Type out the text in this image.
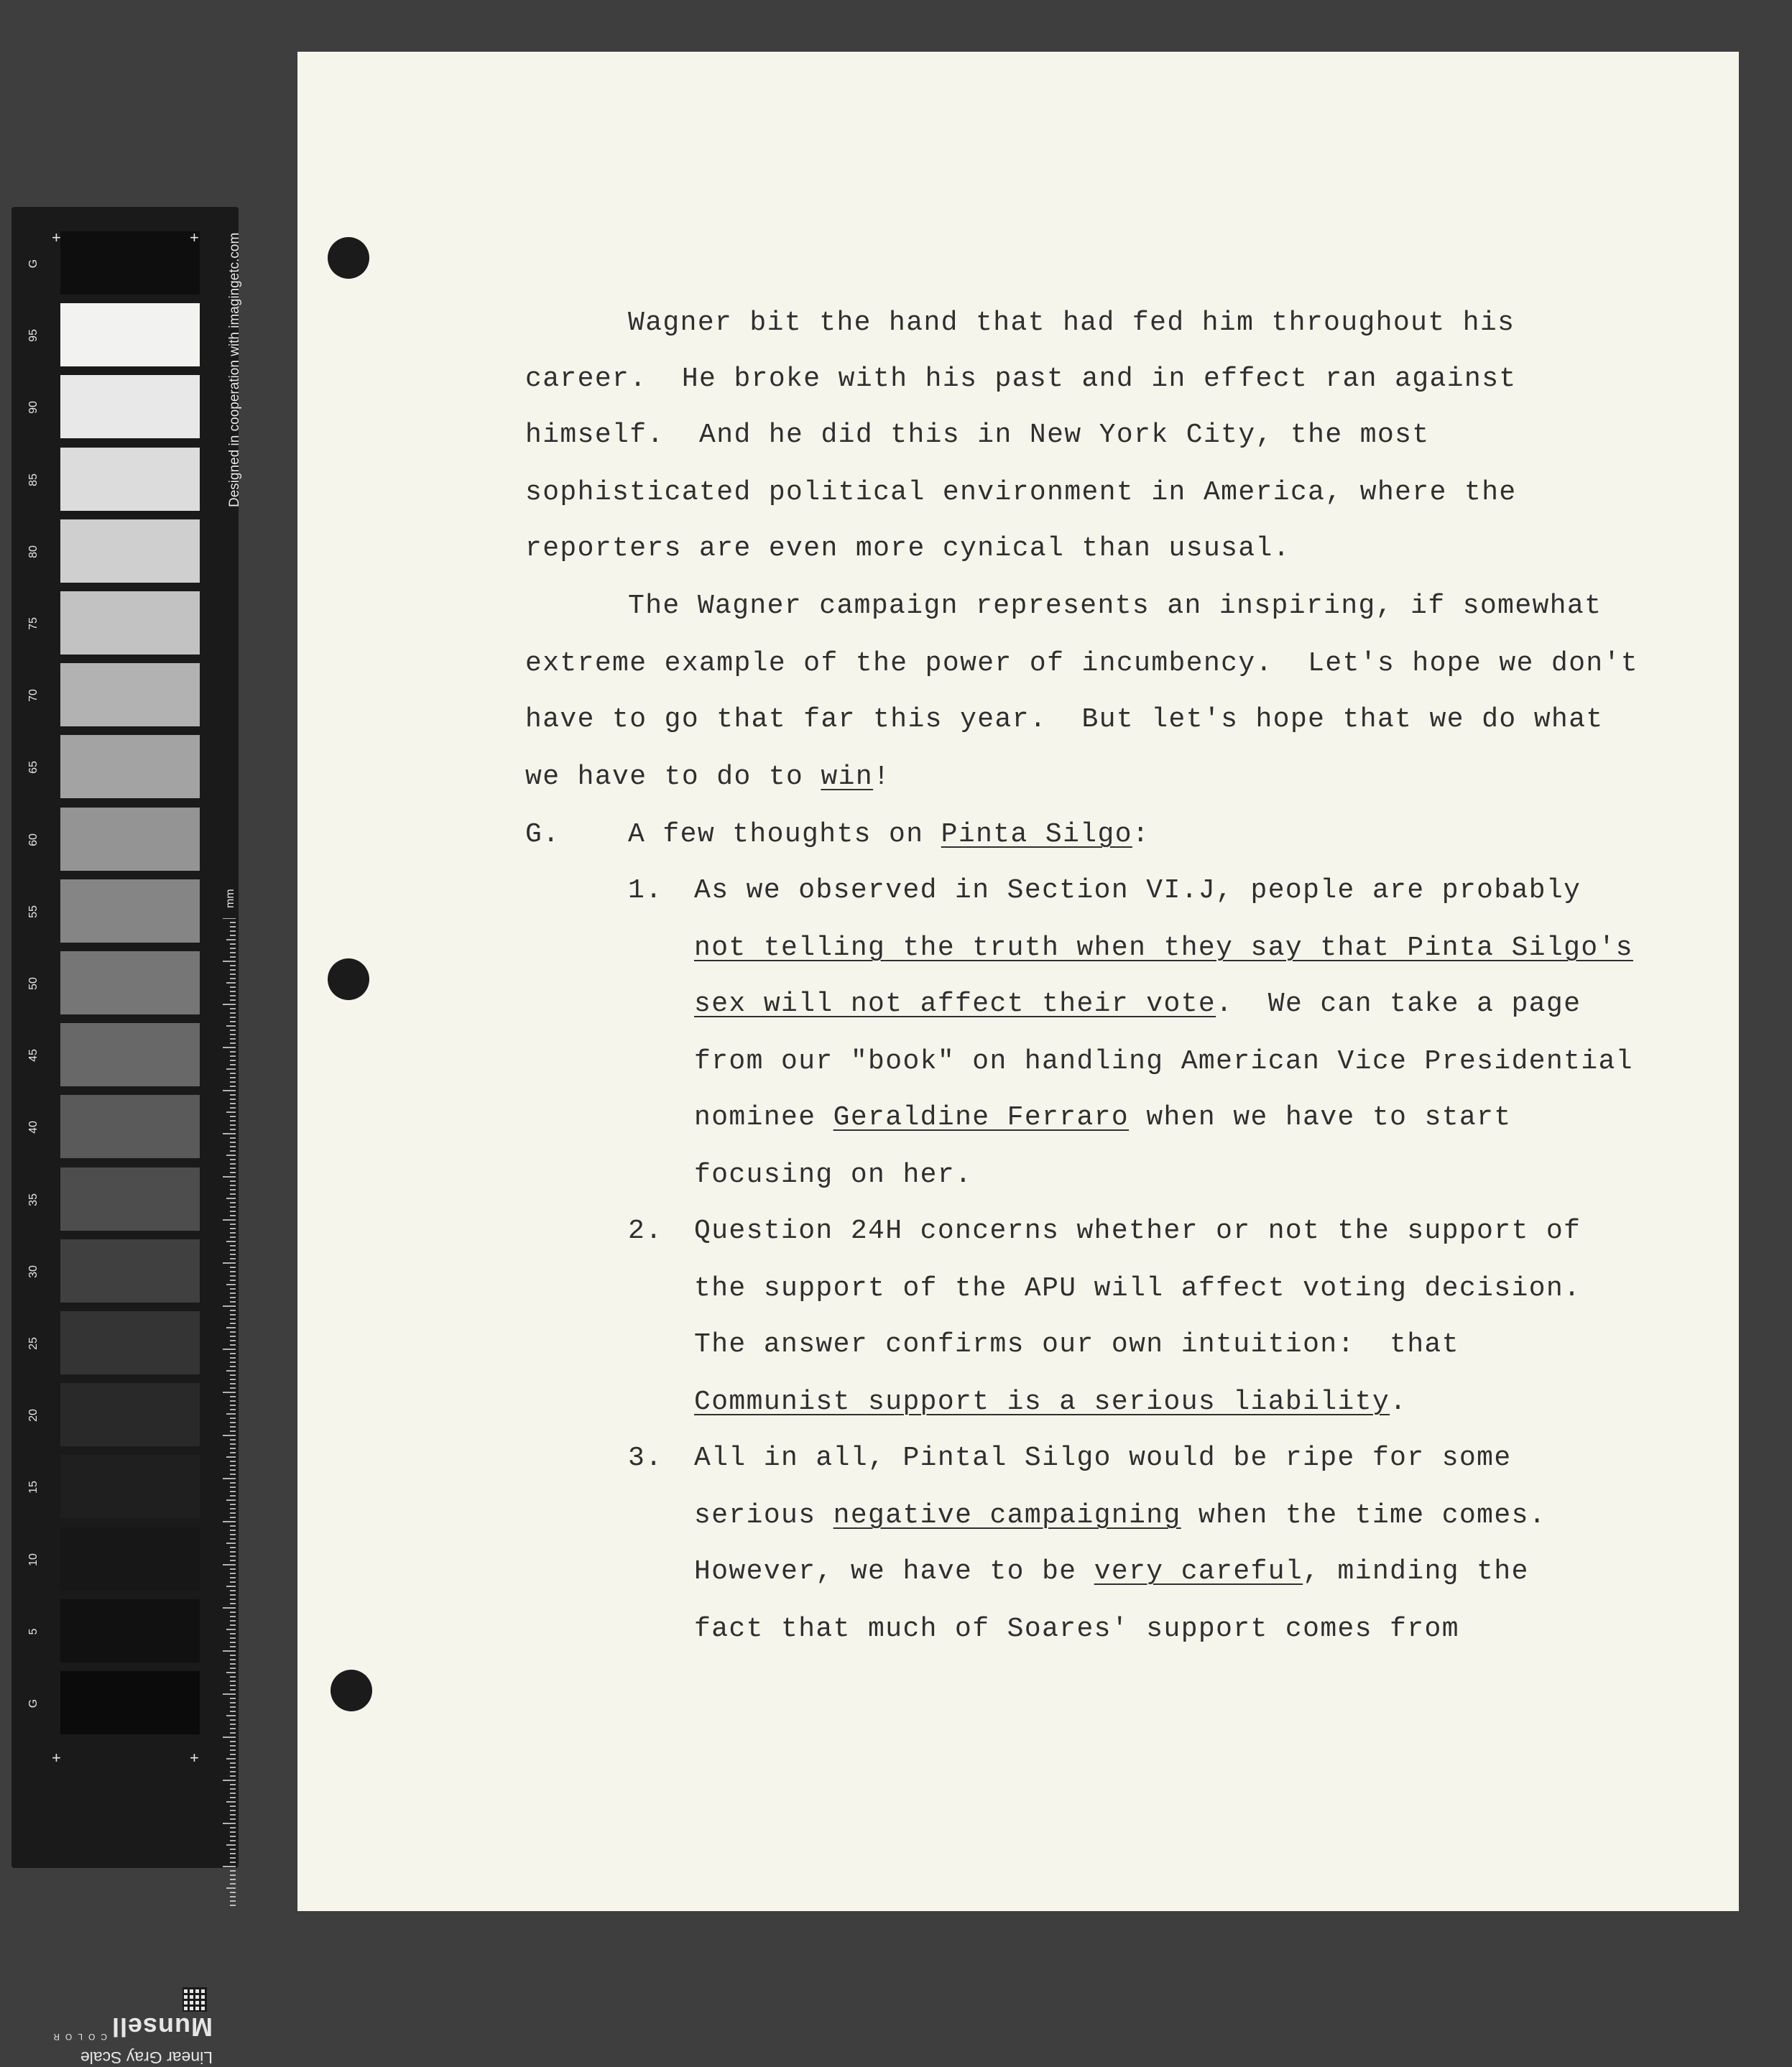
G
95
90
85
80
75
70
65
60
55
50
45
40
35
30
25
20
15
10
5
G
Designed in cooperation with imagingetc.com
mm
+	+
+	+
Linear Gray Scale
Munsell$^{COLOR}$
Wagner bit the hand that had fed him throughout his
career.  He broke with his past and in effect ran against
himself.  And he did this in New York City, the most
sophisticated political environment in America, where the
reporters are even more cynical than ususal.
The Wagner campaign represents an inspiring, if somewhat
extreme example of the power of incumbency.  Let's hope we don't
have to go that far this year.  But let's hope that we do what
we have to do to win!
G. A few thoughts on Pinta Silgo:
1. As we observed in Section VI.J, people are probably
not telling the truth when they say that Pinta Silgo's
sex will not affect their vote.  We can take a page
from our "book" on handling American Vice Presidential
nominee Geraldine Ferraro when we have to start
focusing on her.
2. Question 24H concerns whether or not the support of
the support of the APU will affect voting decision.
The answer confirms our own intuition:  that
Communist support is a serious liability.
3. All in all, Pintal Silgo would be ripe for some
serious negative campaigning when the time comes.
However, we have to be very careful, minding the
fact that much of Soares' support comes from
